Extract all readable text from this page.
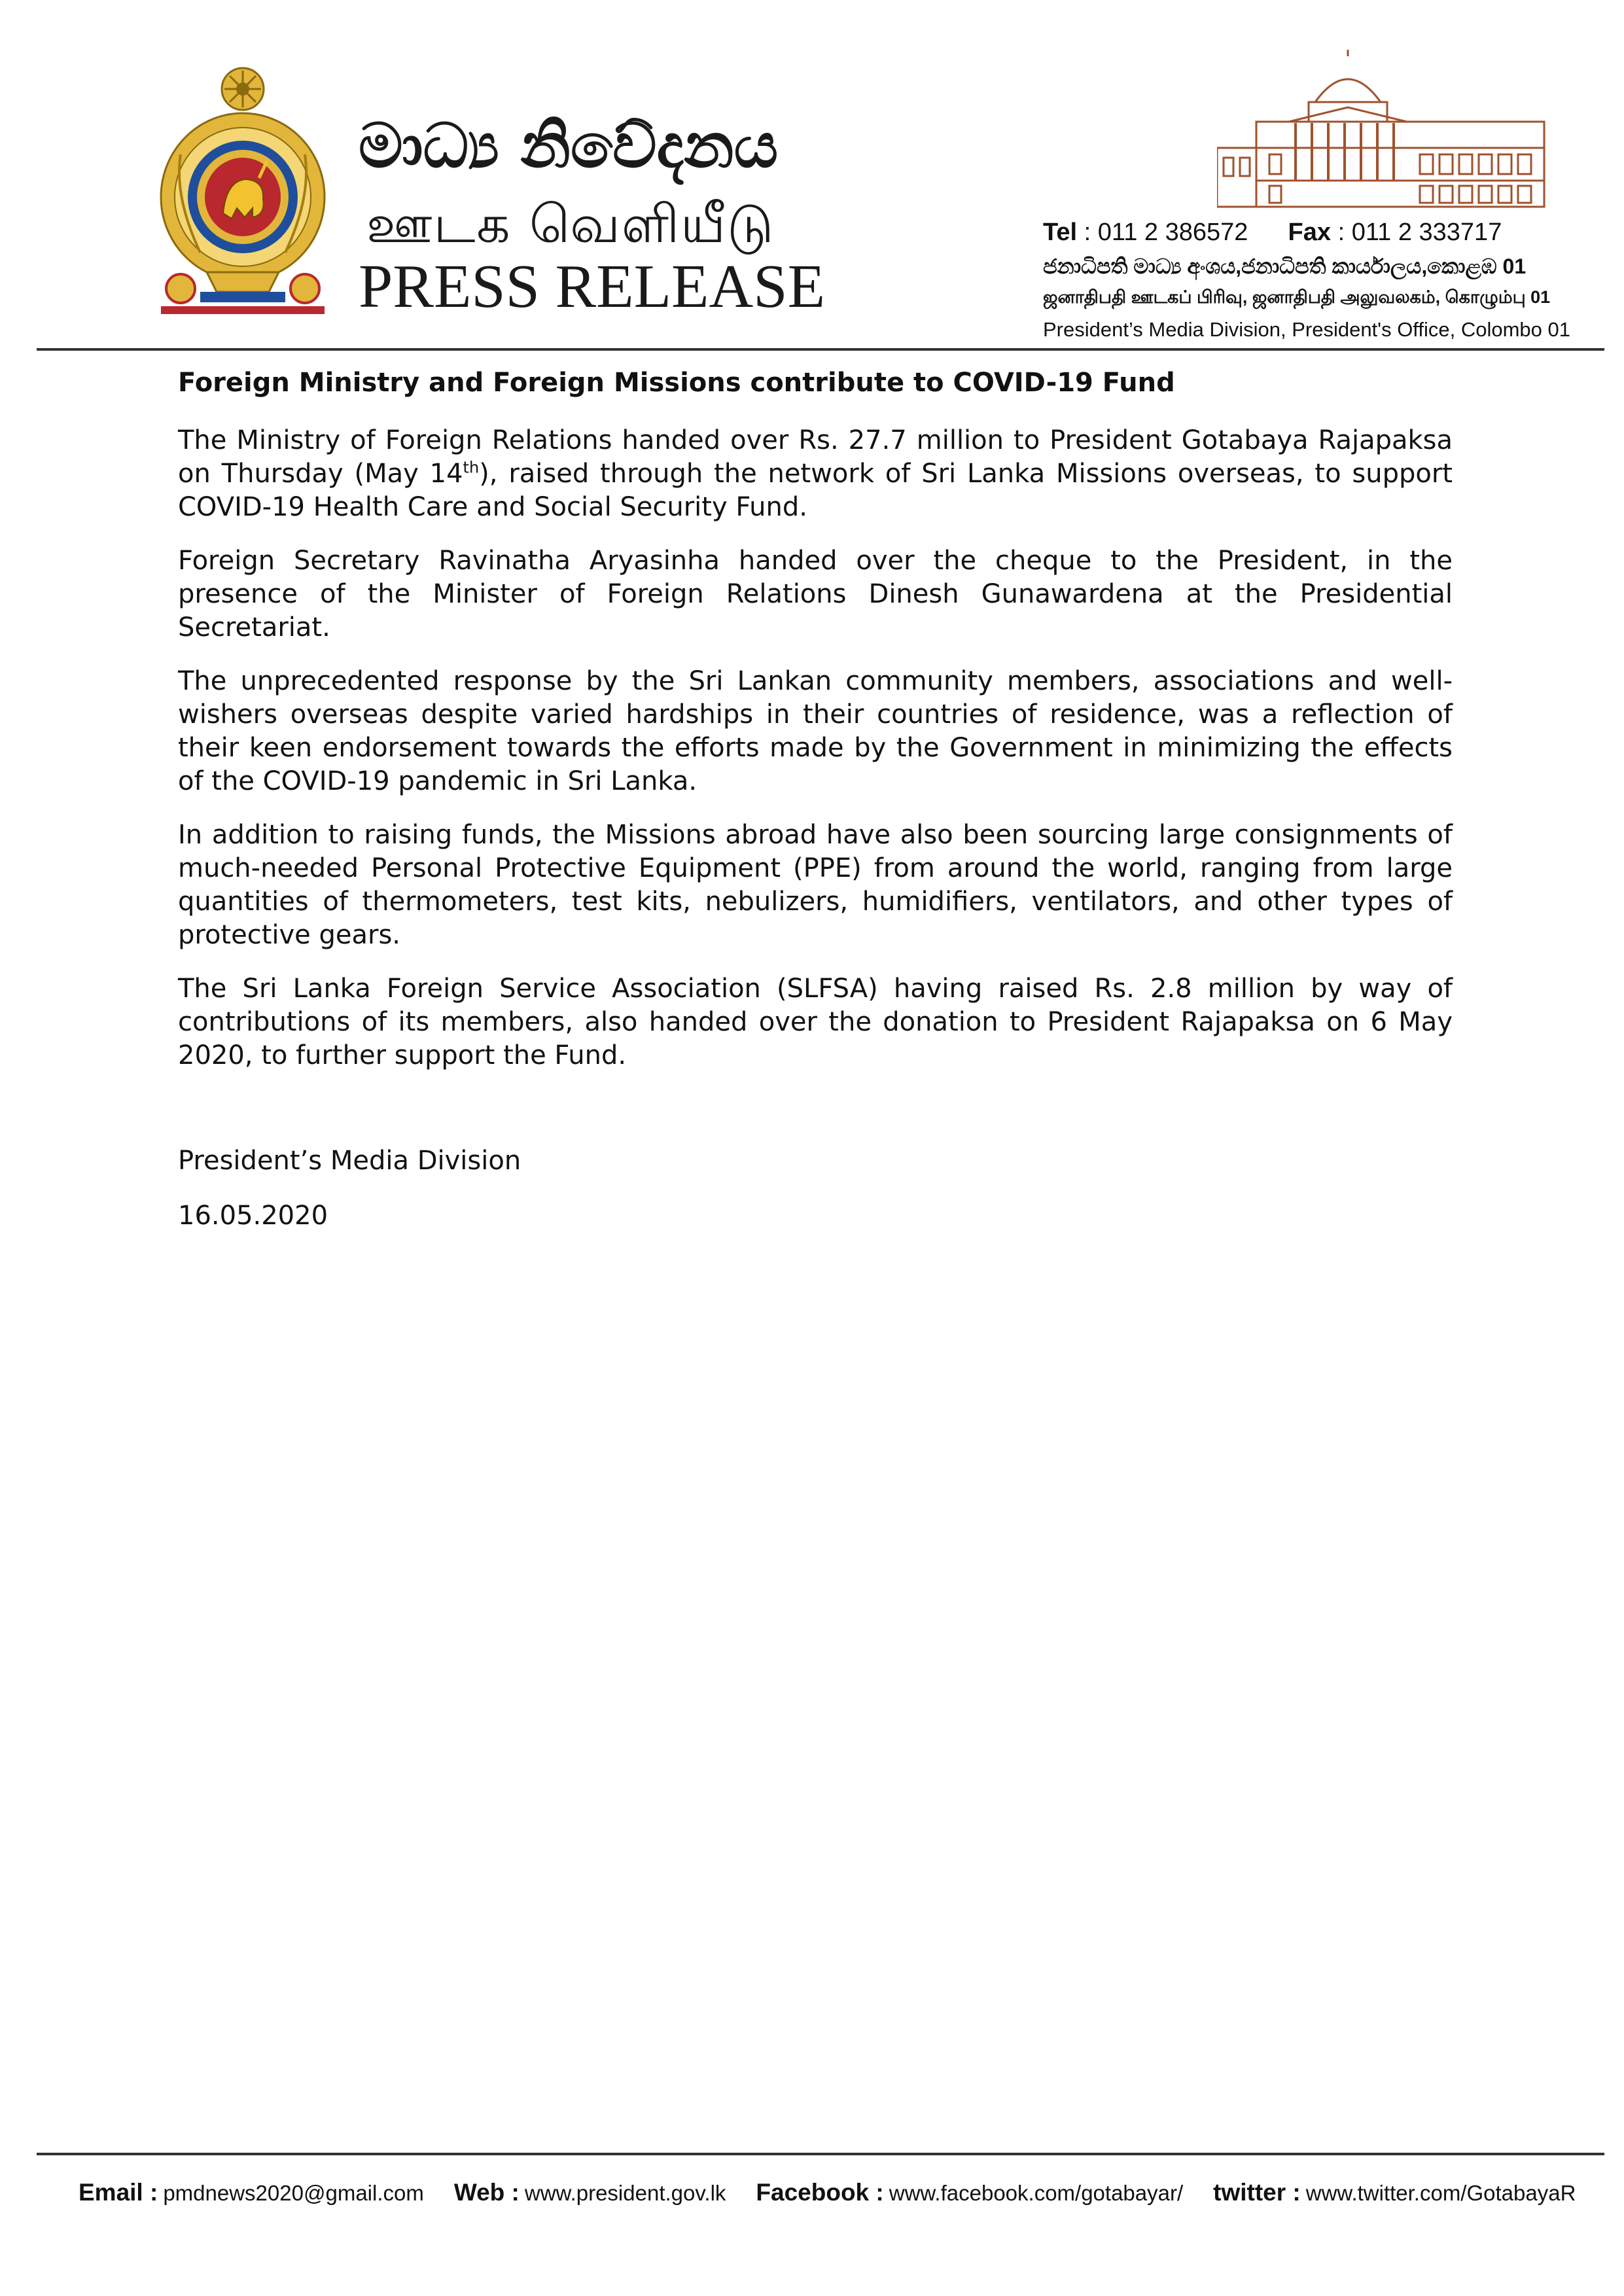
මාධ්‍ය නිවේදනය
ஊடக வெளியீடு
PRESS RELEASE
Tel : 011 2 386572 Fax : 011 2 333717
ජනාධිපති මාධ්‍ය අංශය,ජනාධිපති කාර්යාලය,කොළඹ 01
ஜனாதிபதி ஊடகப் பிரிவு, ஜனாதிபதி அலுவலகம், கொழும்பு 01
President’s Media Division, President's Office, Colombo 01
Foreign Ministry and Foreign Missions contribute to COVID-19 Fund

The Ministry of Foreign Relations handed over Rs. 27.7 million to President Gotabaya Rajapaksa on Thursday (May 14th), raised through the network of Sri Lanka Missions overseas, to support COVID-19 Health Care and Social Security Fund.

Foreign Secretary Ravinatha Aryasinha handed over the cheque to the President, in the presence of the Minister of Foreign Relations Dinesh Gunawardena at the Presidential Secretariat.

The unprecedented response by the Sri Lankan community members, associations and well-wishers overseas despite varied hardships in their countries of residence, was a reflection of their keen endorsement towards the efforts made by the Government in minimizing the effects of the COVID-19 pandemic in Sri Lanka.

In addition to raising funds, the Missions abroad have also been sourcing large consignments of much-needed Personal Protective Equipment (PPE) from around the world, ranging from large quantities of thermometers, test kits, nebulizers, humidifiers, ventilators, and other types of protective gears.

The Sri Lanka Foreign Service Association (SLFSA) having raised Rs. 2.8 million by way of contributions of its members, also handed over the donation to President Rajapaksa on 6 May 2020, to further support the Fund.

President’s Media Division
16.05.2020
Email : pmdnews2020@gmail.com Web : www.president.gov.lk Facebook : www.facebook.com/gotabayar/ twitter : www.twitter.com/GotabayaR
